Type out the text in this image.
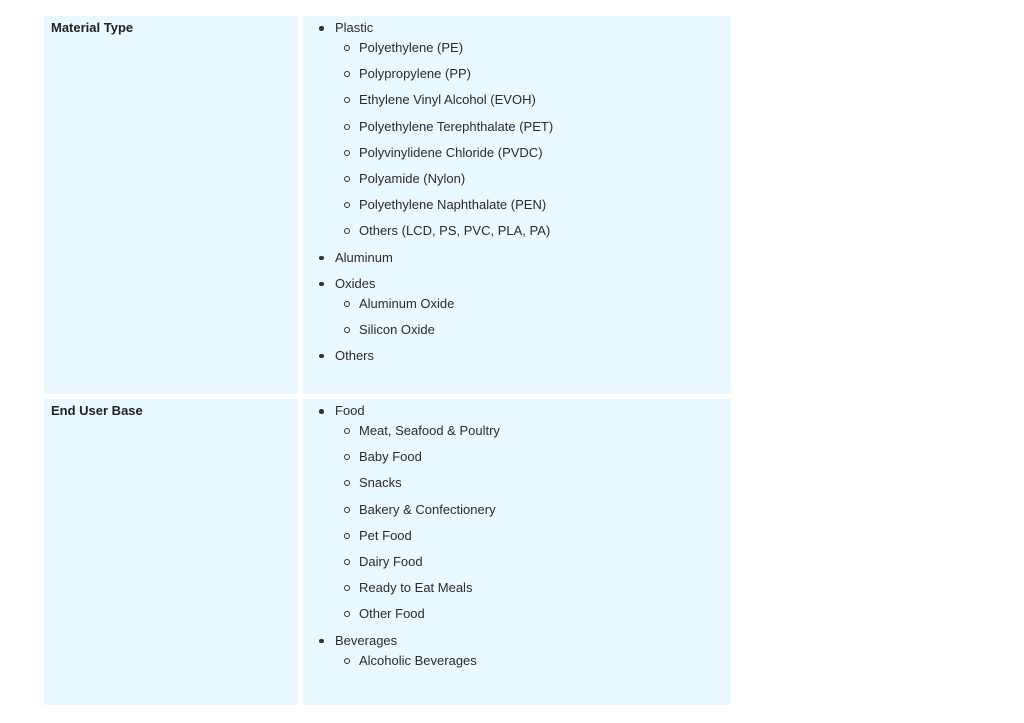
Material Type	Plastic
Polyethylene (PE)
Polypropylene (PP)
Ethylene Vinyl Alcohol (EVOH)
Polyethylene Terephthalate (PET)
Polyvinylidene Chloride (PVDC)
Polyamide (Nylon)
Polyethylene Naphthalate (PEN)
Others (LCD, PS, PVC, PLA, PA)
Aluminum
Oxides
Aluminum Oxide
Silicon Oxide
Others
End User Base	Food
Meat, Seafood & Poultry
Baby Food
Snacks
Bakery & Confectionery
Pet Food
Dairy Food
Ready to Eat Meals
Other Food
Beverages
Alcoholic Beverages
